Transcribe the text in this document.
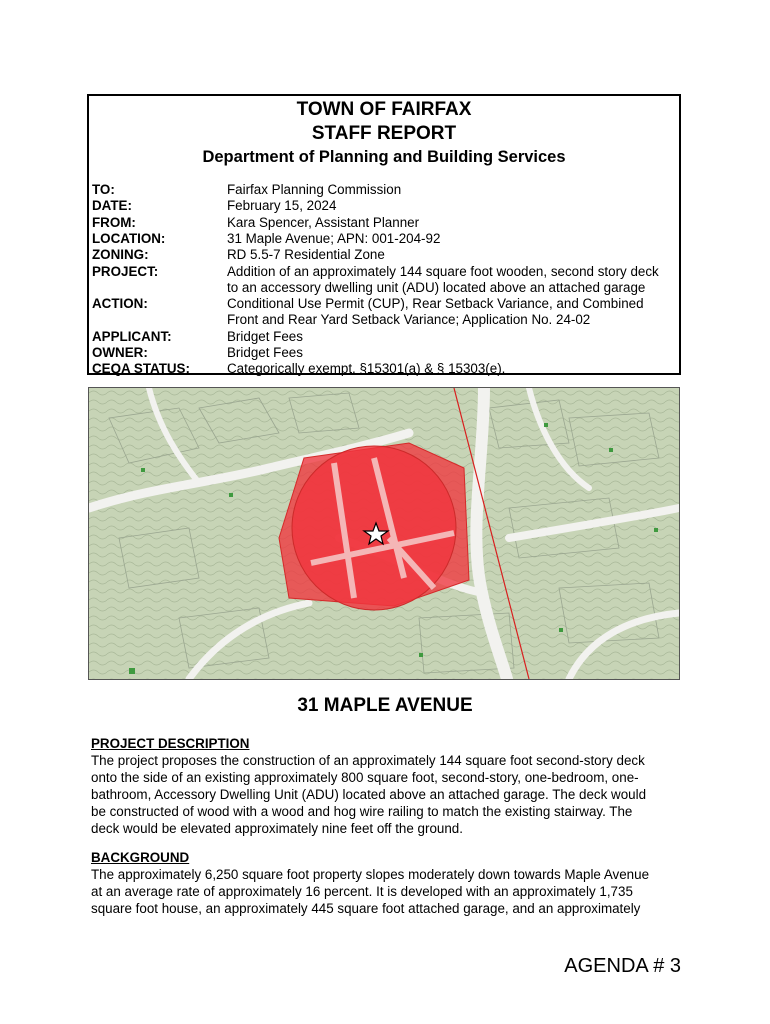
TOWN OF FAIRFAX
STAFF REPORT
Department of Planning and Building Services
TO:	Fairfax Planning Commission
DATE:	February 15, 2024
FROM:	Kara Spencer, Assistant Planner
LOCATION:	31 Maple Avenue; APN: 001-204-92
ZONING:	RD 5.5-7 Residential Zone
PROJECT:	Addition of an approximately 144 square foot wooden, second story deck
to an accessory dwelling unit (ADU) located above an attached garage
ACTION:	Conditional Use Permit (CUP), Rear Setback Variance, and Combined
Front and Rear Yard Setback Variance; Application No. 24-02
APPLICANT:	Bridget Fees
OWNER:	Bridget Fees
CEQA STATUS:	Categorically exempt, §15301(a) & § 15303(e).
31 MAPLE AVENUE
PROJECT DESCRIPTION
The project proposes the construction of an approximately 144 square foot second-story deck
onto the side of an existing approximately 800 square foot, second-story, one-bedroom, one-
bathroom, Accessory Dwelling Unit (ADU) located above an attached garage. The deck would
be constructed of wood with a wood and hog wire railing to match the existing stairway. The
deck would be elevated approximately nine feet off the ground.
BACKGROUND
The approximately 6,250 square foot property slopes moderately down towards Maple Avenue
at an average rate of approximately 16 percent. It is developed with an approximately 1,735
square foot house, an approximately 445 square foot attached garage, and an approximately
AGENDA # 3
